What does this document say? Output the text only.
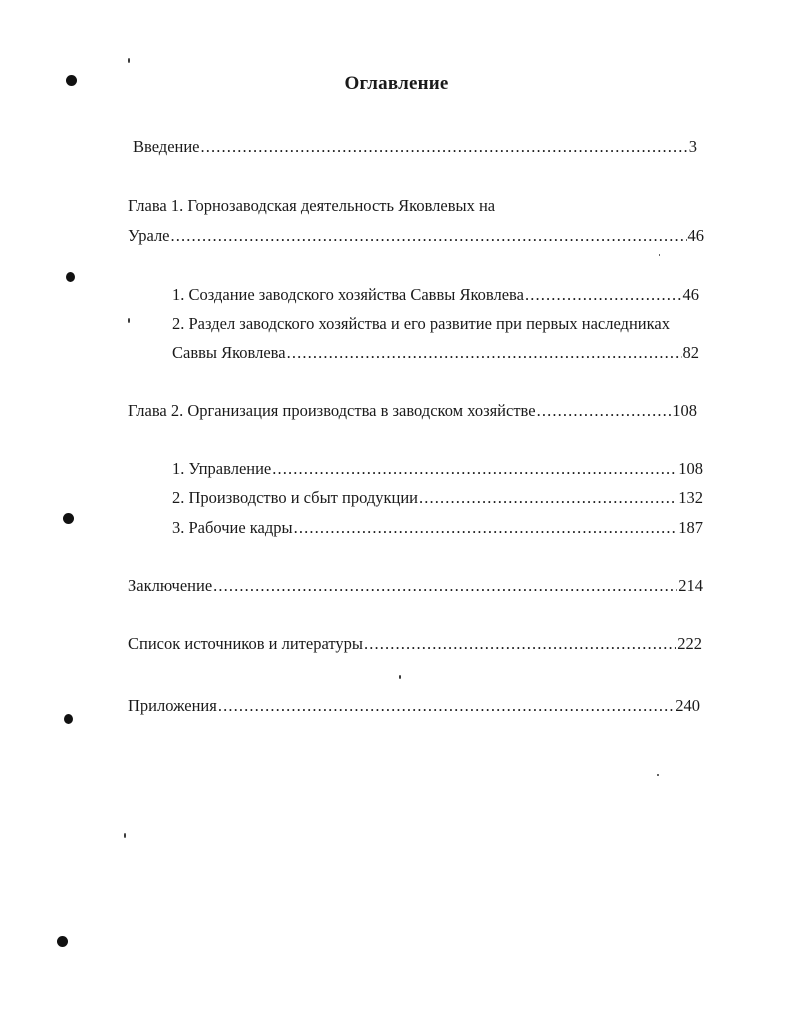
Оглавление
Введение . . .	3
Глава 1. Горнозаводская деятельность Яковлевых на
Урале . . .	46
1. Создание заводского хозяйства Саввы Яковлева . . .	46
2. Раздел заводского хозяйства и его развитие при первых наследниках
Саввы Яковлева . . .	82
Глава 2. Организация производства в заводском хозяйстве . . .	108
1. Управление . . .	108
2. Производство и сбыт продукции . . .	132
3. Рабочие кадры . . .	187
Заключение . . .	214
Список источников и литературы . . .	222
Приложения . . .	240
